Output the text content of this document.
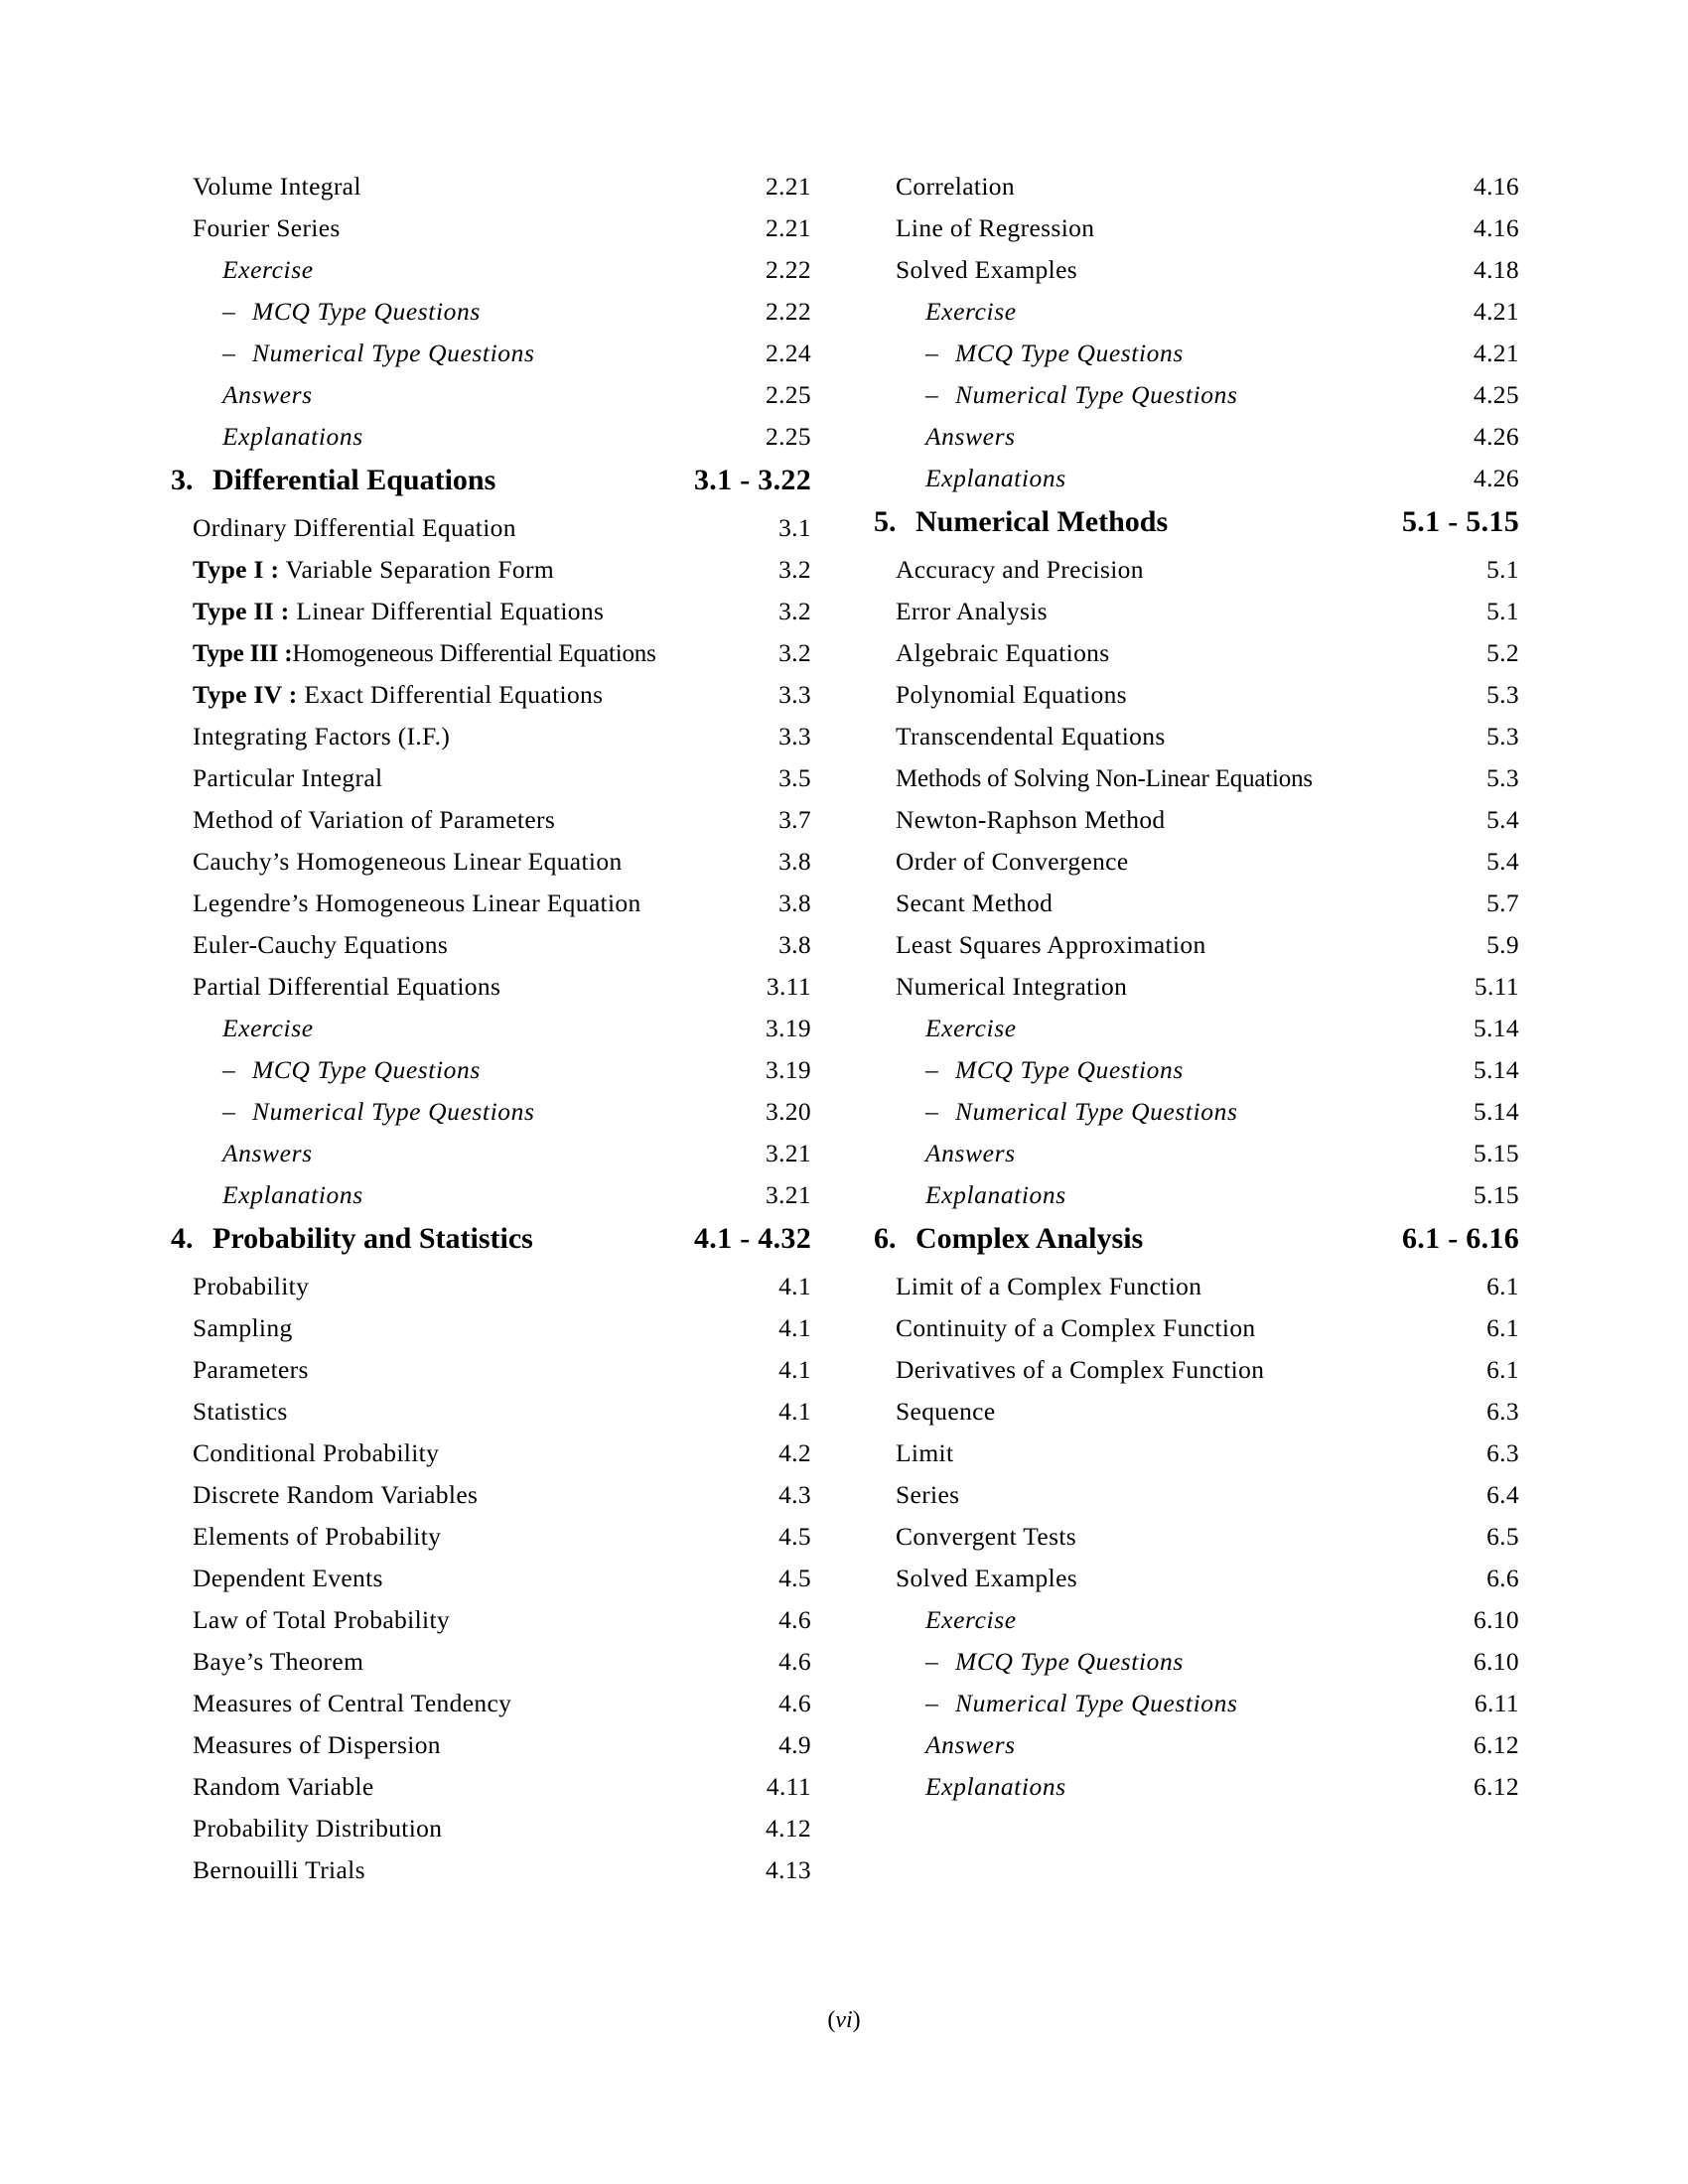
Volume Integral	2.21
Fourier Series	2.21
Exercise	2.22
– MCQ Type Questions	2.22
– Numerical Type Questions	2.24
Answers	2.25
Explanations	2.25
3. Differential Equations	3.1 - 3.22
Ordinary Differential Equation	3.1
Type I : Variable Separation Form	3.2
Type II : Linear Differential Equations	3.2
Type III :Homogeneous Differential Equations	3.2
Type IV : Exact Differential Equations	3.3
Integrating Factors (I.F.)	3.3
Particular Integral	3.5
Method of Variation of Parameters	3.7
Cauchy’s Homogeneous Linear Equation	3.8
Legendre’s Homogeneous Linear Equation	3.8
Euler-Cauchy Equations	3.8
Partial Differential Equations	3.11
Exercise	3.19
– MCQ Type Questions	3.19
– Numerical Type Questions	3.20
Answers	3.21
Explanations	3.21
4. Probability and Statistics	4.1 - 4.32
Probability	4.1
Sampling	4.1
Parameters	4.1
Statistics	4.1
Conditional Probability	4.2
Discrete Random Variables	4.3
Elements of Probability	4.5
Dependent Events	4.5
Law of Total Probability	4.6
Baye’s Theorem	4.6
Measures of Central Tendency	4.6
Measures of Dispersion	4.9
Random Variable	4.11
Probability Distribution	4.12
Bernouilli Trials	4.13
Correlation	4.16
Line of Regression	4.16
Solved Examples	4.18
Exercise	4.21
– MCQ Type Questions	4.21
– Numerical Type Questions	4.25
Answers	4.26
Explanations	4.26
5. Numerical Methods	5.1 - 5.15
Accuracy and Precision	5.1
Error Analysis	5.1
Algebraic Equations	5.2
Polynomial Equations	5.3
Transcendental Equations	5.3
Methods of Solving Non-Linear Equations	5.3
Newton-Raphson Method	5.4
Order of Convergence	5.4
Secant Method	5.7
Least Squares Approximation	5.9
Numerical Integration	5.11
Exercise	5.14
– MCQ Type Questions	5.14
– Numerical Type Questions	5.14
Answers	5.15
Explanations	5.15
6. Complex Analysis	6.1 - 6.16
Limit of a Complex Function	6.1
Continuity of a Complex Function	6.1
Derivatives of a Complex Function	6.1
Sequence	6.3
Limit	6.3
Series	6.4
Convergent Tests	6.5
Solved Examples	6.6
Exercise	6.10
– MCQ Type Questions	6.10
– Numerical Type Questions	6.11
Answers	6.12
Explanations	6.12
(vi)
